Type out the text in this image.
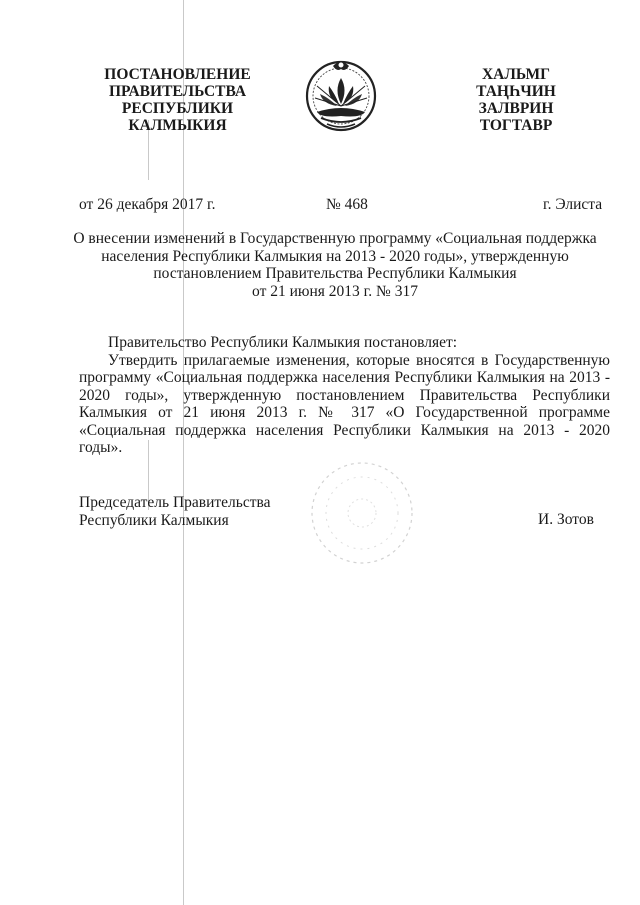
ПОСТАНОВЛЕНИЕ
ПРАВИТЕЛЬСТВА
РЕСПУБЛИКИ
КАЛМЫКИЯ
ХАЛЬМГ
ТАҢҺЧИН
ЗАЛВРИН
ТОГТАВР
от 26 декабря 2017 г.	№ 468	г. Элиста
О внесении изменений в Государственную программу «Социальная поддержка
населения Республики Калмыкия на 2013 - 2020 годы», утвержденную
постановлением Правительства Республики Калмыкия
от 21 июня 2013 г. № 317
Правительство Республики Калмыкия постановляет:
Утвердить прилагаемые изменения, которые вносятся в Государственную программу «Социальная поддержка населения Республики Калмыкия на 2013 - 2020 годы», утвержденную постановлением Правительства Республики Калмыкия от 21 июня 2013 г. № 317 «О Государственной программе «Социальная поддержка населения Республики Калмыкия на 2013 - 2020 годы».
Председатель Правительства
Республики Калмыкия	И. Зотов
